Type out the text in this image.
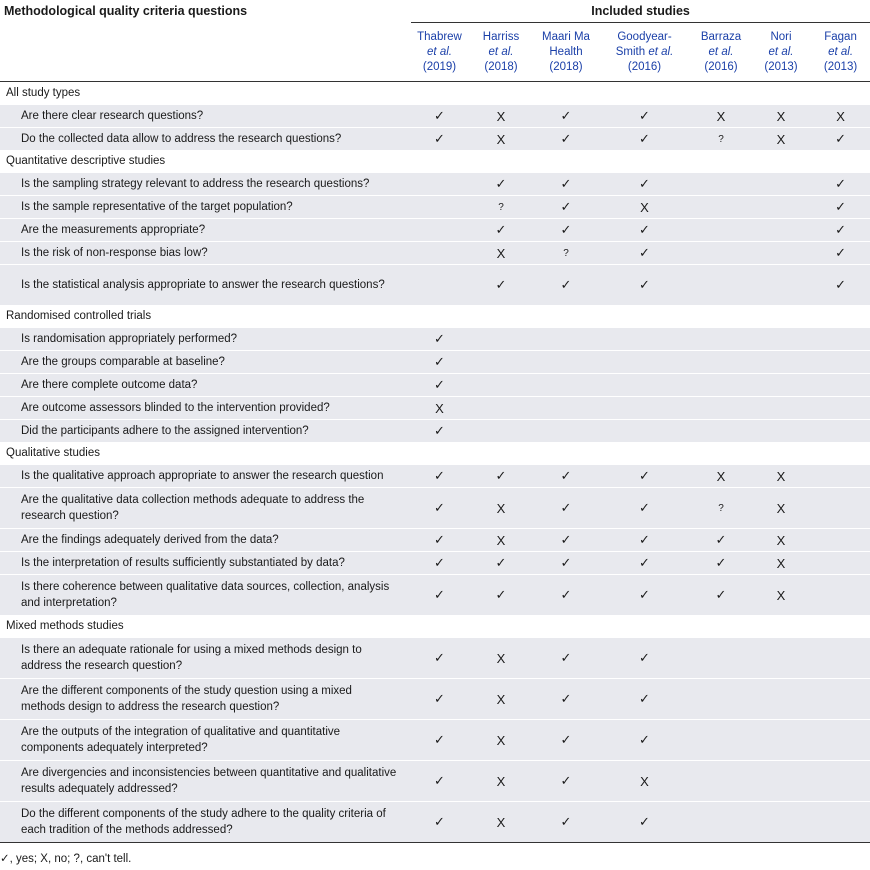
Methodological quality criteria questions	Included studies						
	Thabrew
et al.
(2019)	Harriss
et al.
(2018)	Maari Ma
Health
(2018)	Goodyear-
Smith et al.
(2016)	Barraza
et al.
(2016)	Nori
et al.
(2013)	Fagan
et al.
(2013)
All study types							
Are there clear research questions?	✓	X	✓	✓	X	X	X
Do the collected data allow to address the research questions?	✓	X	✓	✓	?	X	✓
Quantitative descriptive studies							
Is the sampling strategy relevant to address the research questions?		✓	✓	✓			✓
Is the sample representative of the target population?		?	✓	X			✓
Are the measurements appropriate?		✓	✓	✓			✓
Is the risk of non-response bias low?		X	?	✓			✓
Is the statistical analysis appropriate to answer the research questions?		✓	✓	✓			✓
Randomised controlled trials							
Is randomisation appropriately performed?	✓						
Are the groups comparable at baseline?	✓						
Are there complete outcome data?	✓						
Are outcome assessors blinded to the intervention provided?	X						
Did the participants adhere to the assigned intervention?	✓						
Qualitative studies							
Is the qualitative approach appropriate to answer the research question	✓	✓	✓	✓	X	X	
Are the qualitative data collection methods adequate to address the research question?	✓	X	✓	✓	?	X	
Are the findings adequately derived from the data?	✓	X	✓	✓	✓	X	
Is the interpretation of results sufficiently substantiated by data?	✓	✓	✓	✓	✓	X	
Is there coherence between qualitative data sources, collection, analysis and interpretation?	✓	✓	✓	✓	✓	X	
Mixed methods studies							
Is there an adequate rationale for using a mixed methods design to address the research question?	✓	X	✓	✓			
Are the different components of the study question using a mixed methods design to address the research question?	✓	X	✓	✓			
Are the outputs of the integration of qualitative and quantitative components adequately interpreted?	✓	X	✓	✓			
Are divergencies and inconsistencies between quantitative and qualitative results adequately addressed?	✓	X	✓	X			
Do the different components of the study adhere to the quality criteria of each tradition of the methods addressed?	✓	X	✓	✓			
✓, yes; X, no; ?, can't tell.
